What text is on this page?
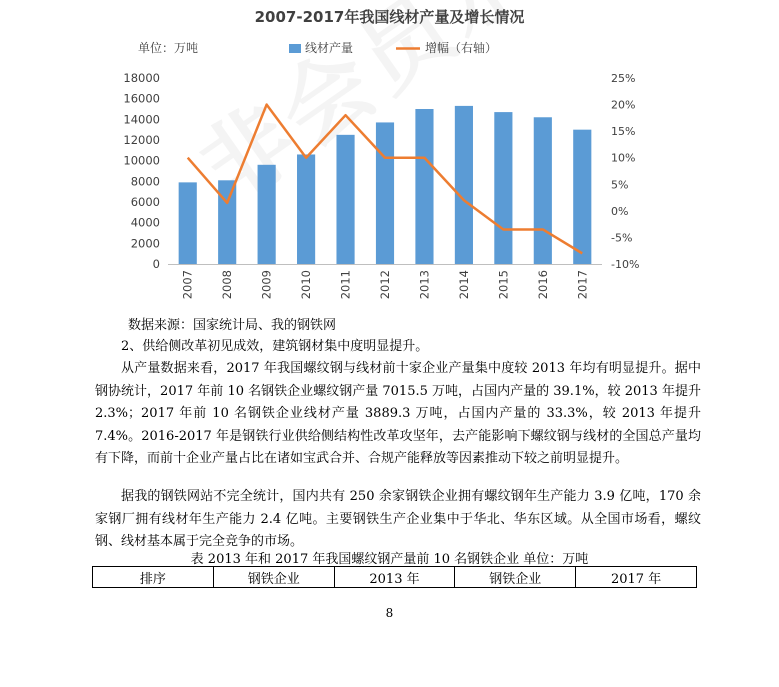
2007-2017年我国线材产量及增长情况
单位：万吨	线材产量	增幅（右轴）
0
2000
4000
6000
8000
10000
12000
14000
16000
18000
-10%
-5%
0%
5%
10%
15%
20%
25%
2007 2008 2009 2010 2011 2012 2013 2014 2015 2016 2017
数据来源：国家统计局、我的钢铁网

2、供给侧改革初见成效，建筑钢材集中度明显提升。

从产量数据来看，2017 年我国螺纹钢与线材前十家企业产量集中度较 2013 年均有明显提升。据中钢协统计，2017 年前 10 名钢铁企业螺纹钢产量 7015.5 万吨，占国内产量的 39.1%，较 2013 年提升 2.3%；2017 年前 10 名钢铁企业线材产量 3889.3 万吨，占国内产量的 33.3%，较 2013 年提升 7.4%。2016-2017 年是钢铁行业供给侧结构性改革攻坚年，去产能影响下螺纹钢与线材的全国总产量均有下降，而前十企业产量占比在诸如宝武合并、合规产能释放等因素推动下较之前明显提升。

据我的钢铁网站不完全统计，国内共有 250 余家钢铁企业拥有螺纹钢年生产能力 3.9 亿吨，170 余家钢厂拥有线材年生产能力 2.4 亿吨。主要钢铁生产企业集中于华北、华东区域。从全国市场看，螺纹钢、线材基本属于完全竞争的市场。

表 2013 年和 2017 年我国螺纹钢产量前 10 名钢铁企业 单位：万吨
排序	钢铁企业	2013 年	钢铁企业	2017 年
8
